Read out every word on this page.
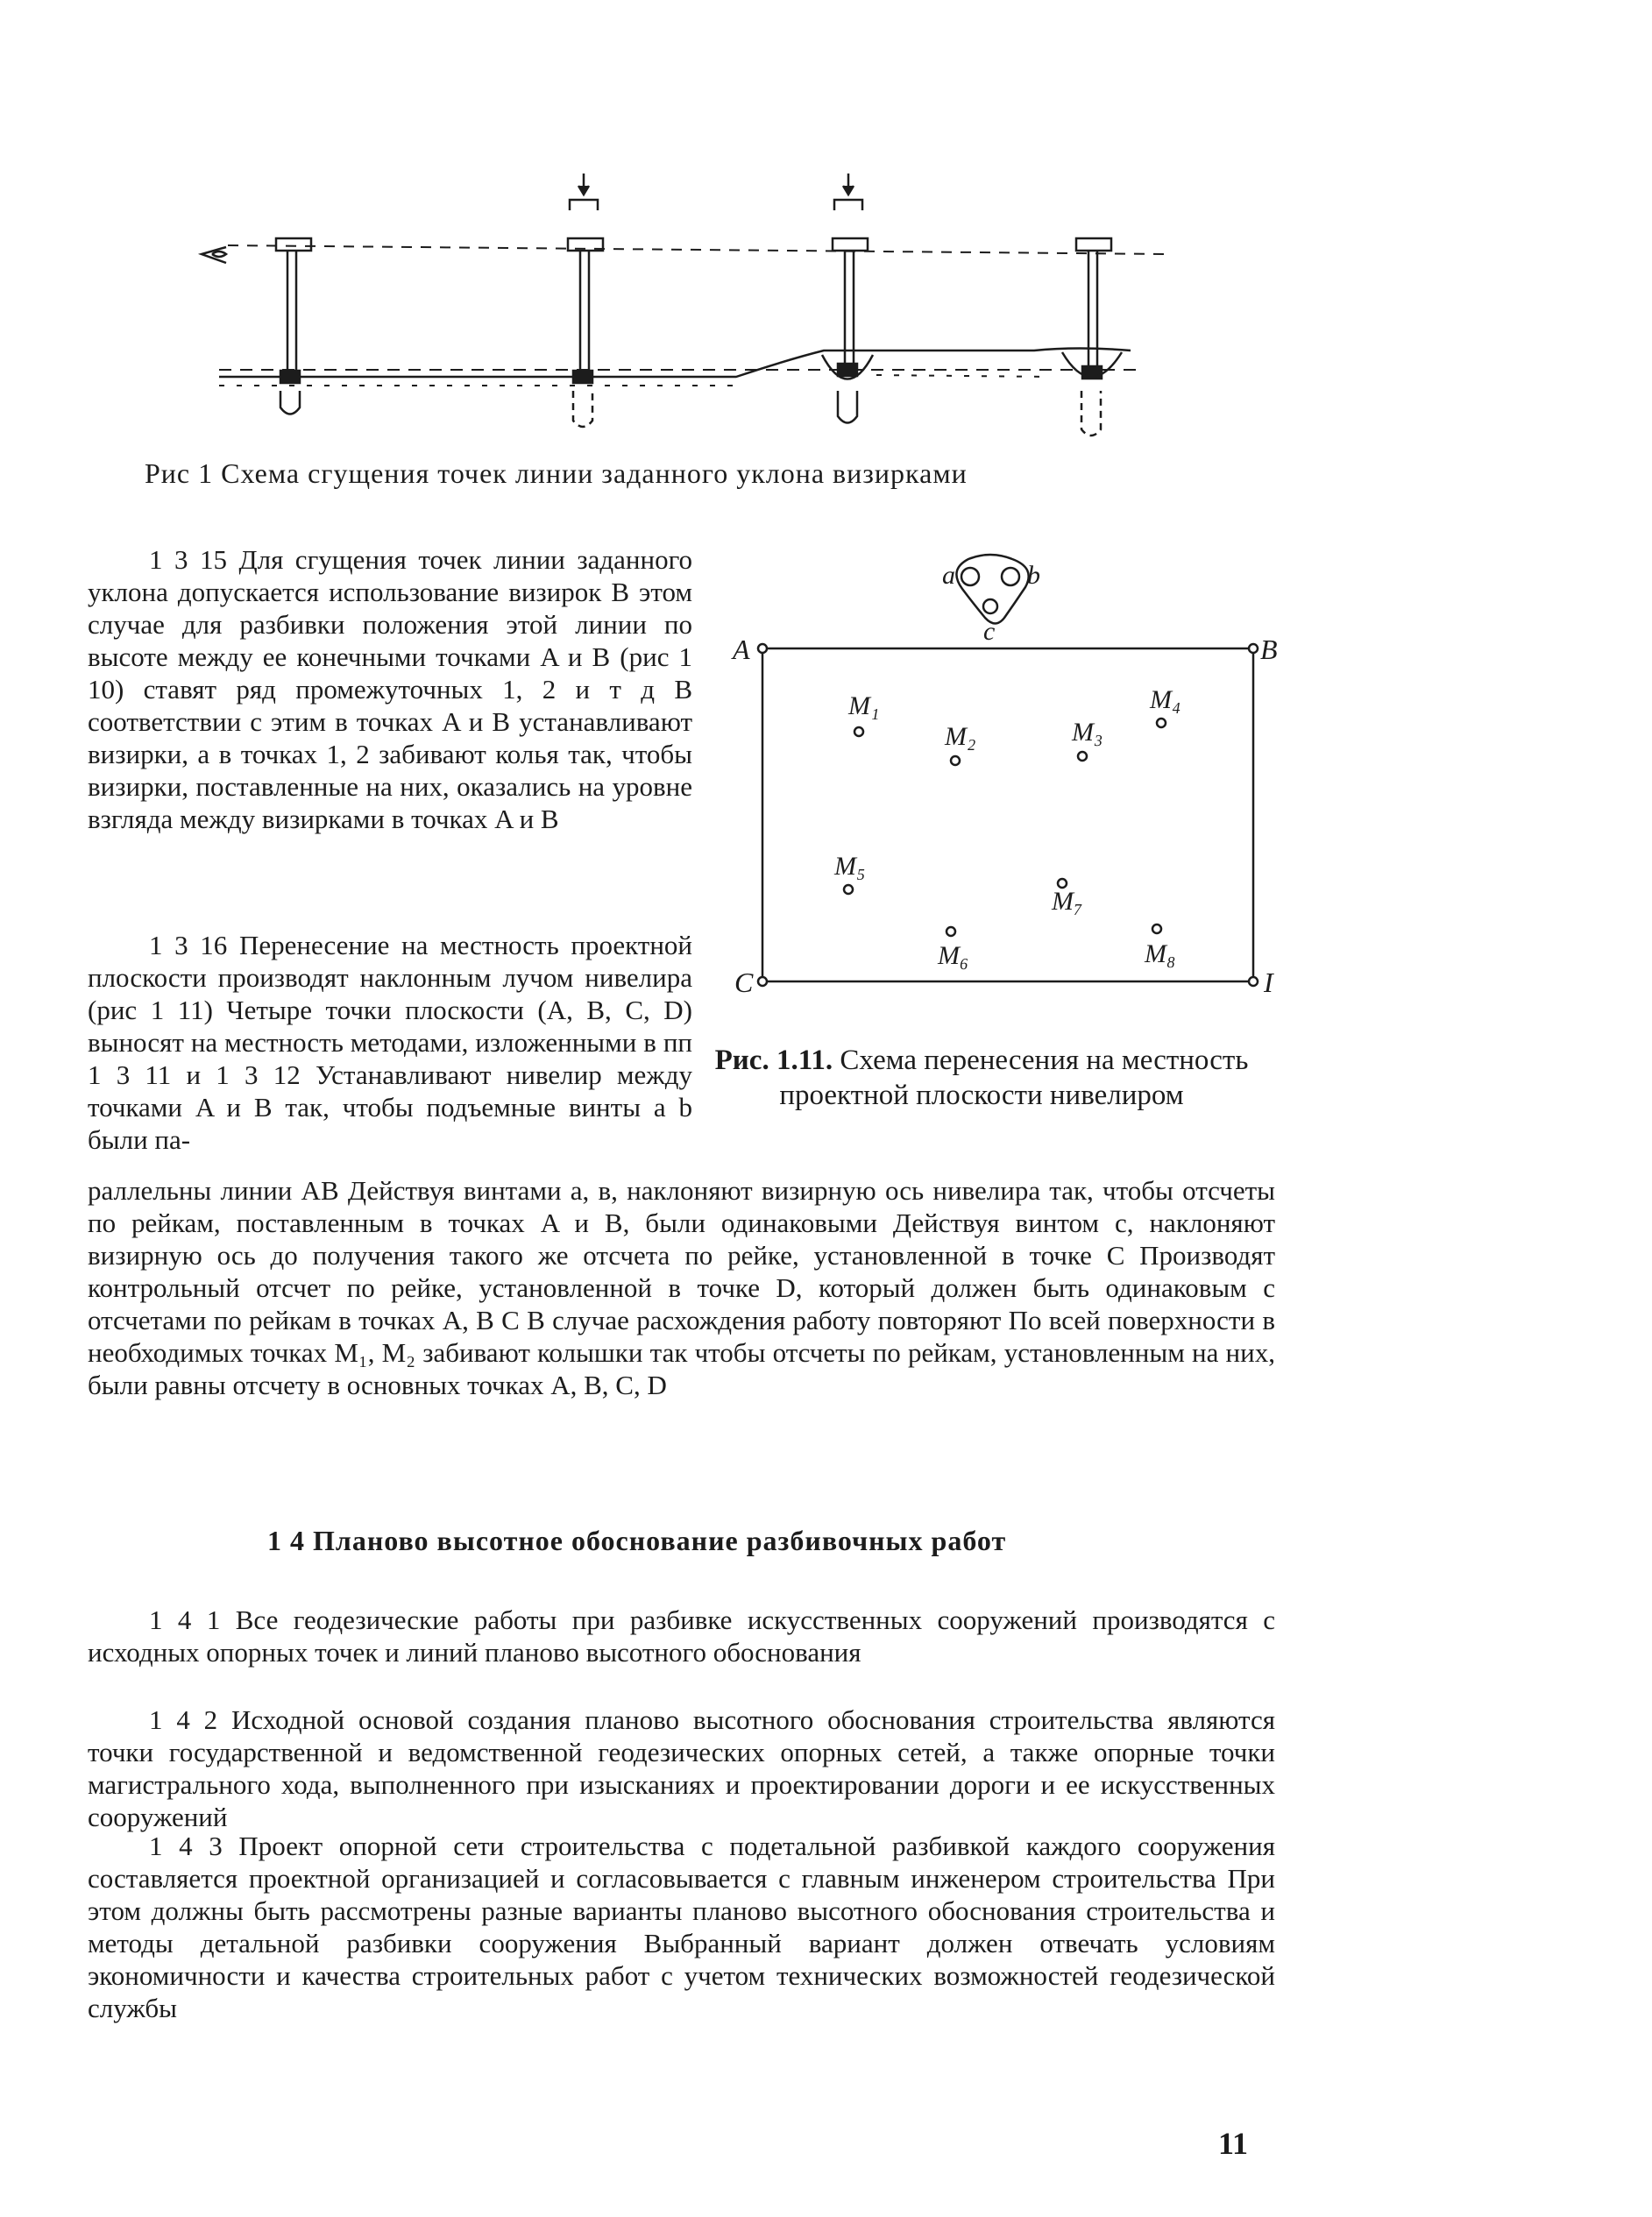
Рис 1 Схема сгущения точек линии заданного уклона визирками
a	b
c
A	B
C	I
M₁
M₂	M₃
M₄
M₅
M₇
M₆	M₈
Рис. 1.11. Схема перенесения на местность проектной плоскости нивелиром

1 3 15 Для сгущения точек линии заданного уклона допускается использование визирок В этом случае для разбивки положения этой линии по высоте между ее конечными точками A и B (рис 1 10) ставят ряд промежуточных 1, 2 и т д В соответствии с этим в точках A и B устанавливают визирки, а в точках 1, 2 забивают колья так, чтобы визирки, поставленные на них, оказались на уровне взгляда между визирками в точках A и B

1 3 16 Перенесение на местность проектной плоскости производят наклонным лучом нивелира (рис 1 11) Четыре точки плоскости (A, B, C, D) выносят на местность методами, изложенными в пп 1 3 11 и 1 3 12 Устанавливают нивелир между точками A и B так, чтобы подъемные винты a b были па-

раллельны линии AB Действуя винтами a, в, наклоняют визирную ось нивелира так, чтобы отсчеты по рейкам, поставленным в точках A и B, были одинаковыми Действуя винтом c, наклоняют визирную ось до получения такого же отсчета по рейке, установленной в точке C Производят контрольный отсчет по рейке, установленной в точке D, который должен быть одинаковым с отсчетами по рейкам в точках A, B C В случае расхождения работу повторяют По всей поверхности в необходимых точках M₁, M₂ забивают колышки так чтобы отсчеты по рейкам, установленным на них, были равны отсчету в основных точках A, B, C, D

1 4 Планово высотное обоснование разбивочных работ

1 4 1 Все геодезические работы при разбивке искусственных сооружений производятся с исходных опорных точек и линий планово высотного обоснования

1 4 2 Исходной основой создания планово высотного обоснования строительства являются точки государственной и ведомственной геодезических опорных сетей, а также опорные точки магистрального хода, выполненного при изысканиях и проектировании дороги и ее искусственных сооружений

1 4 3 Проект опорной сети строительства с подетальной разбивкой каждого сооружения составляется проектной организацией и согласовывается с главным инженером строительства При этом должны быть рассмотрены разные варианты планово высотного обоснования строительства и методы детальной разбивки сооружения Выбранный вариант должен отвечать условиям экономичности и качества строительных работ с учетом технических возможностей геодезической службы

11
